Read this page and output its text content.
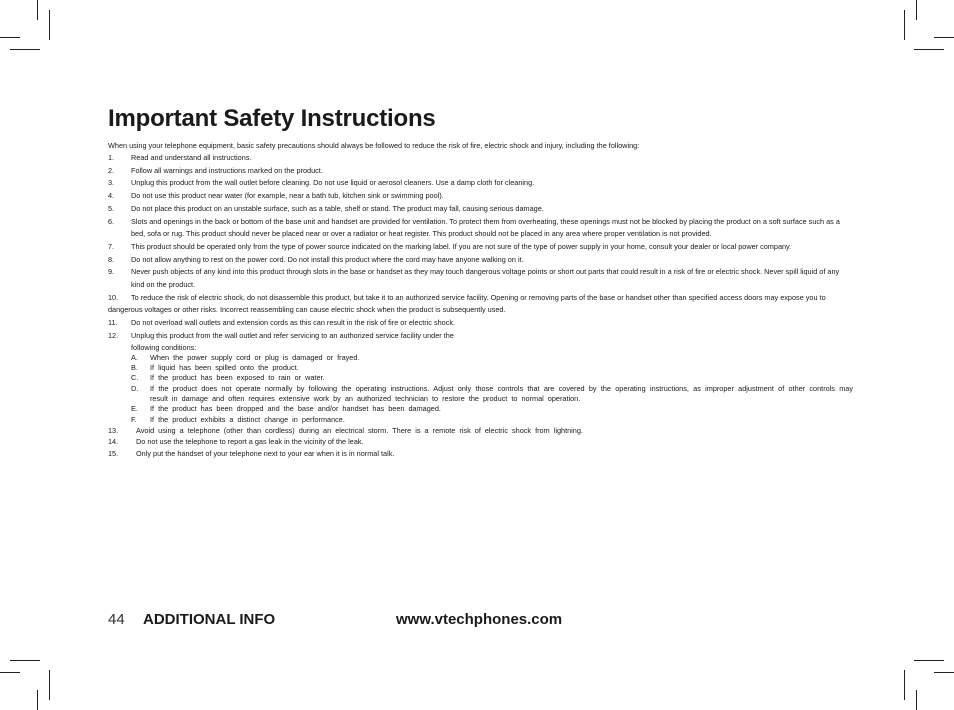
Important Safety Instructions
When using your telephone equipment, basic safety precautions should always be followed to reduce the risk of fire, electric shock and injury, including the following:
1. Read and understand all instructions.
2. Follow all warnings and instructions marked on the product.
3. Unplug this product from the wall outlet before cleaning. Do not use liquid or aerosol cleaners. Use a damp cloth for cleaning.
4. Do not use this product near water (for example, near a bath tub, kitchen sink or swimming pool).
5. Do not place this product on an unstable surface, such as a table, shelf or stand. The product may fall, causing serious damage.
6. Slots and openings in the back or bottom of the base unit and handset are provided for ventilation. To protect them from overheating, these openings must not be blocked by placing the product on a soft surface such as a bed, sofa or rug. This product should never be placed near or over a radiator or heat register. This product should not be placed in any area where proper ventilation is not provided.
7. This product should be operated only from the type of power source indicated on the marking label. If you are not sure of the type of power supply in your home, consult your dealer or local power company.
8. Do not allow anything to rest on the power cord. Do not install this product where the cord may have anyone walking on it.
9. Never push objects of any kind into this product through slots in the base or handset as they may touch dangerous voltage points or short out parts that could result in a risk of fire or electric shock. Never spill liquid of any kind on the product.
10. To reduce the risk of electric shock, do not disassemble this product, but take it to an authorized service facility. Opening or removing parts of the base or handset other than specified access doors may expose you to dangerous voltages or other risks. Incorrect reassembling can cause electric shock when the product is subsequently used.
11. Do not overload wall outlets and extension cords as this can result in the risk of fire or electric shock.
12. Unplug this product from the wall outlet and refer servicing to an authorized service facility under the
following conditions:
A. When the power supply cord or plug is damaged or frayed.
B. If liquid has been spilled onto the product.
C. If the product has been exposed to rain or water.
D. If the product does not operate normally by following the operating instructions. Adjust only those controls that are covered by the operating instructions, as improper adjustment of other controls may result in damage and often requires extensive work by an authorized technician to restore the product to normal operation.
E. If the product has been dropped and the base and/or handset has been damaged.
F. If the product exhibits a distinct change in performance.
13. Avoid using a telephone (other than cordless) during an electrical storm. There is a remote risk of electric shock from lightning.
14. Do not use the telephone to report a gas leak in the vicinity of the leak.
15. Only put the handset of your telephone next to your ear when it is in normal talk.
44 ADDITIONAL INFO	www.vtechphones.com
